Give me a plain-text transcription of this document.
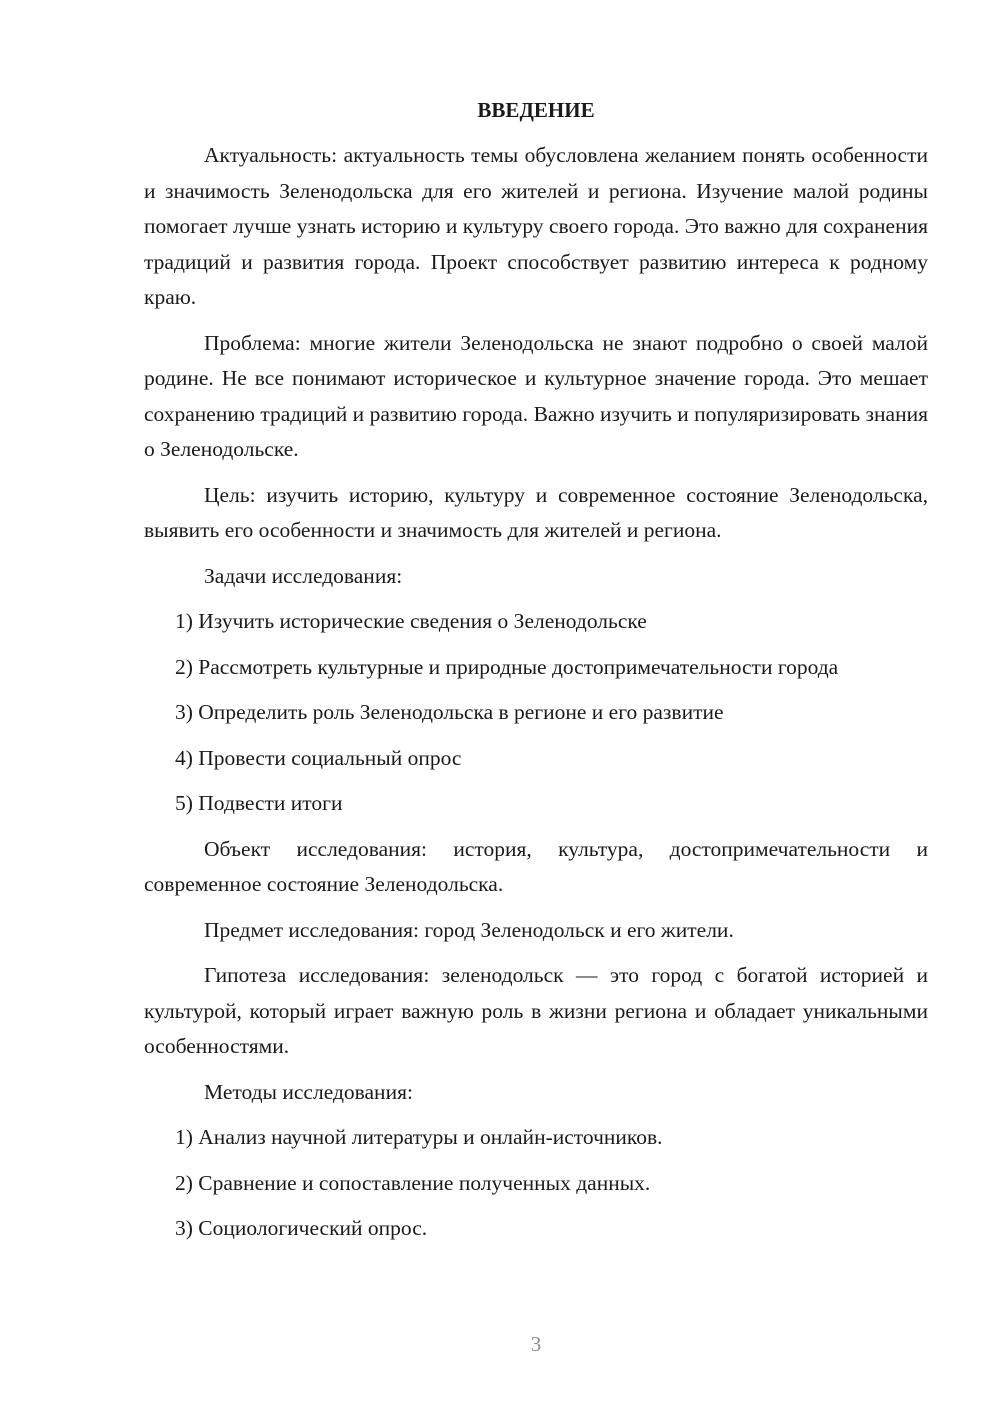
ВВЕДЕНИЕ

Актуальность: актуальность темы обусловлена желанием понять особенности и значимость Зеленодольска для его жителей и региона. Изучение малой родины помогает лучше узнать историю и культуру своего города. Это важно для сохранения традиций и развития города. Проект способствует развитию интереса к родному краю.

Проблема: многие жители Зеленодольска не знают подробно о своей малой родине. Не все понимают историческое и культурное значение города. Это мешает сохранению традиций и развитию города. Важно изучить и популяризировать знания о Зеленодольске.

Цель: изучить историю, культуру и современное состояние Зеленодольска, выявить его особенности и значимость для жителей и региона.

Задачи исследования:

1) Изучить исторические сведения о Зеленодольске

2) Рассмотреть культурные и природные достопримечательности города

3) Определить роль Зеленодольска в регионе и его развитие

4) Провести социальный опрос

5) Подвести итоги

Объект исследования: история, культура, достопримечательности и современное состояние Зеленодольска.

Предмет исследования: город Зеленодольск и его жители.

Гипотеза исследования: зеленодольск — это город с богатой историей и культурой, который играет важную роль в жизни региона и обладает уникальными особенностями.

Методы исследования:

1) Анализ научной литературы и онлайн-источников.

2) Сравнение и сопоставление полученных данных.

3) Социологический опрос.

3
